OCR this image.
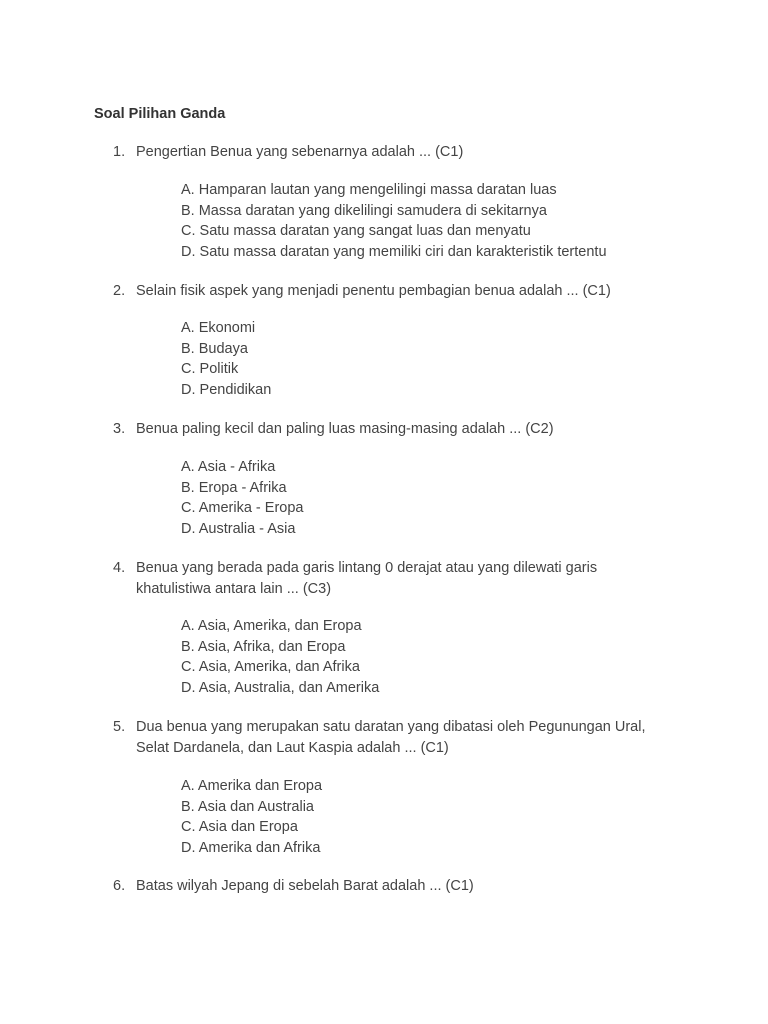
Soal Pilihan Ganda
1. Pengertian Benua yang sebenarnya adalah ... (C1)
A. Hamparan lautan yang mengelilingi massa daratan luas
B. Massa daratan yang dikelilingi samudera di sekitarnya
C. Satu massa daratan yang sangat luas dan menyatu
D. Satu massa daratan yang memiliki ciri dan karakteristik tertentu
2. Selain fisik aspek yang menjadi penentu pembagian benua adalah ... (C1)
A. Ekonomi
B. Budaya
C. Politik
D. Pendidikan
3. Benua paling kecil dan paling luas masing-masing adalah ... (C2)
A. Asia - Afrika
B. Eropa - Afrika
C. Amerika - Eropa
D. Australia - Asia
4. Benua yang berada pada garis lintang 0 derajat atau yang dilewati garis khatulistiwa antara lain ... (C3)
A. Asia, Amerika, dan Eropa
B. Asia, Afrika, dan Eropa
C. Asia, Amerika, dan Afrika
D. Asia, Australia, dan Amerika
5. Dua benua yang merupakan satu daratan yang dibatasi oleh Pegunungan Ural, Selat Dardanela, dan Laut Kaspia adalah ... (C1)
A. Amerika dan Eropa
B. Asia dan Australia
C. Asia dan Eropa
D. Amerika dan Afrika
6. Batas wilyah Jepang di sebelah Barat adalah ... (C1)
